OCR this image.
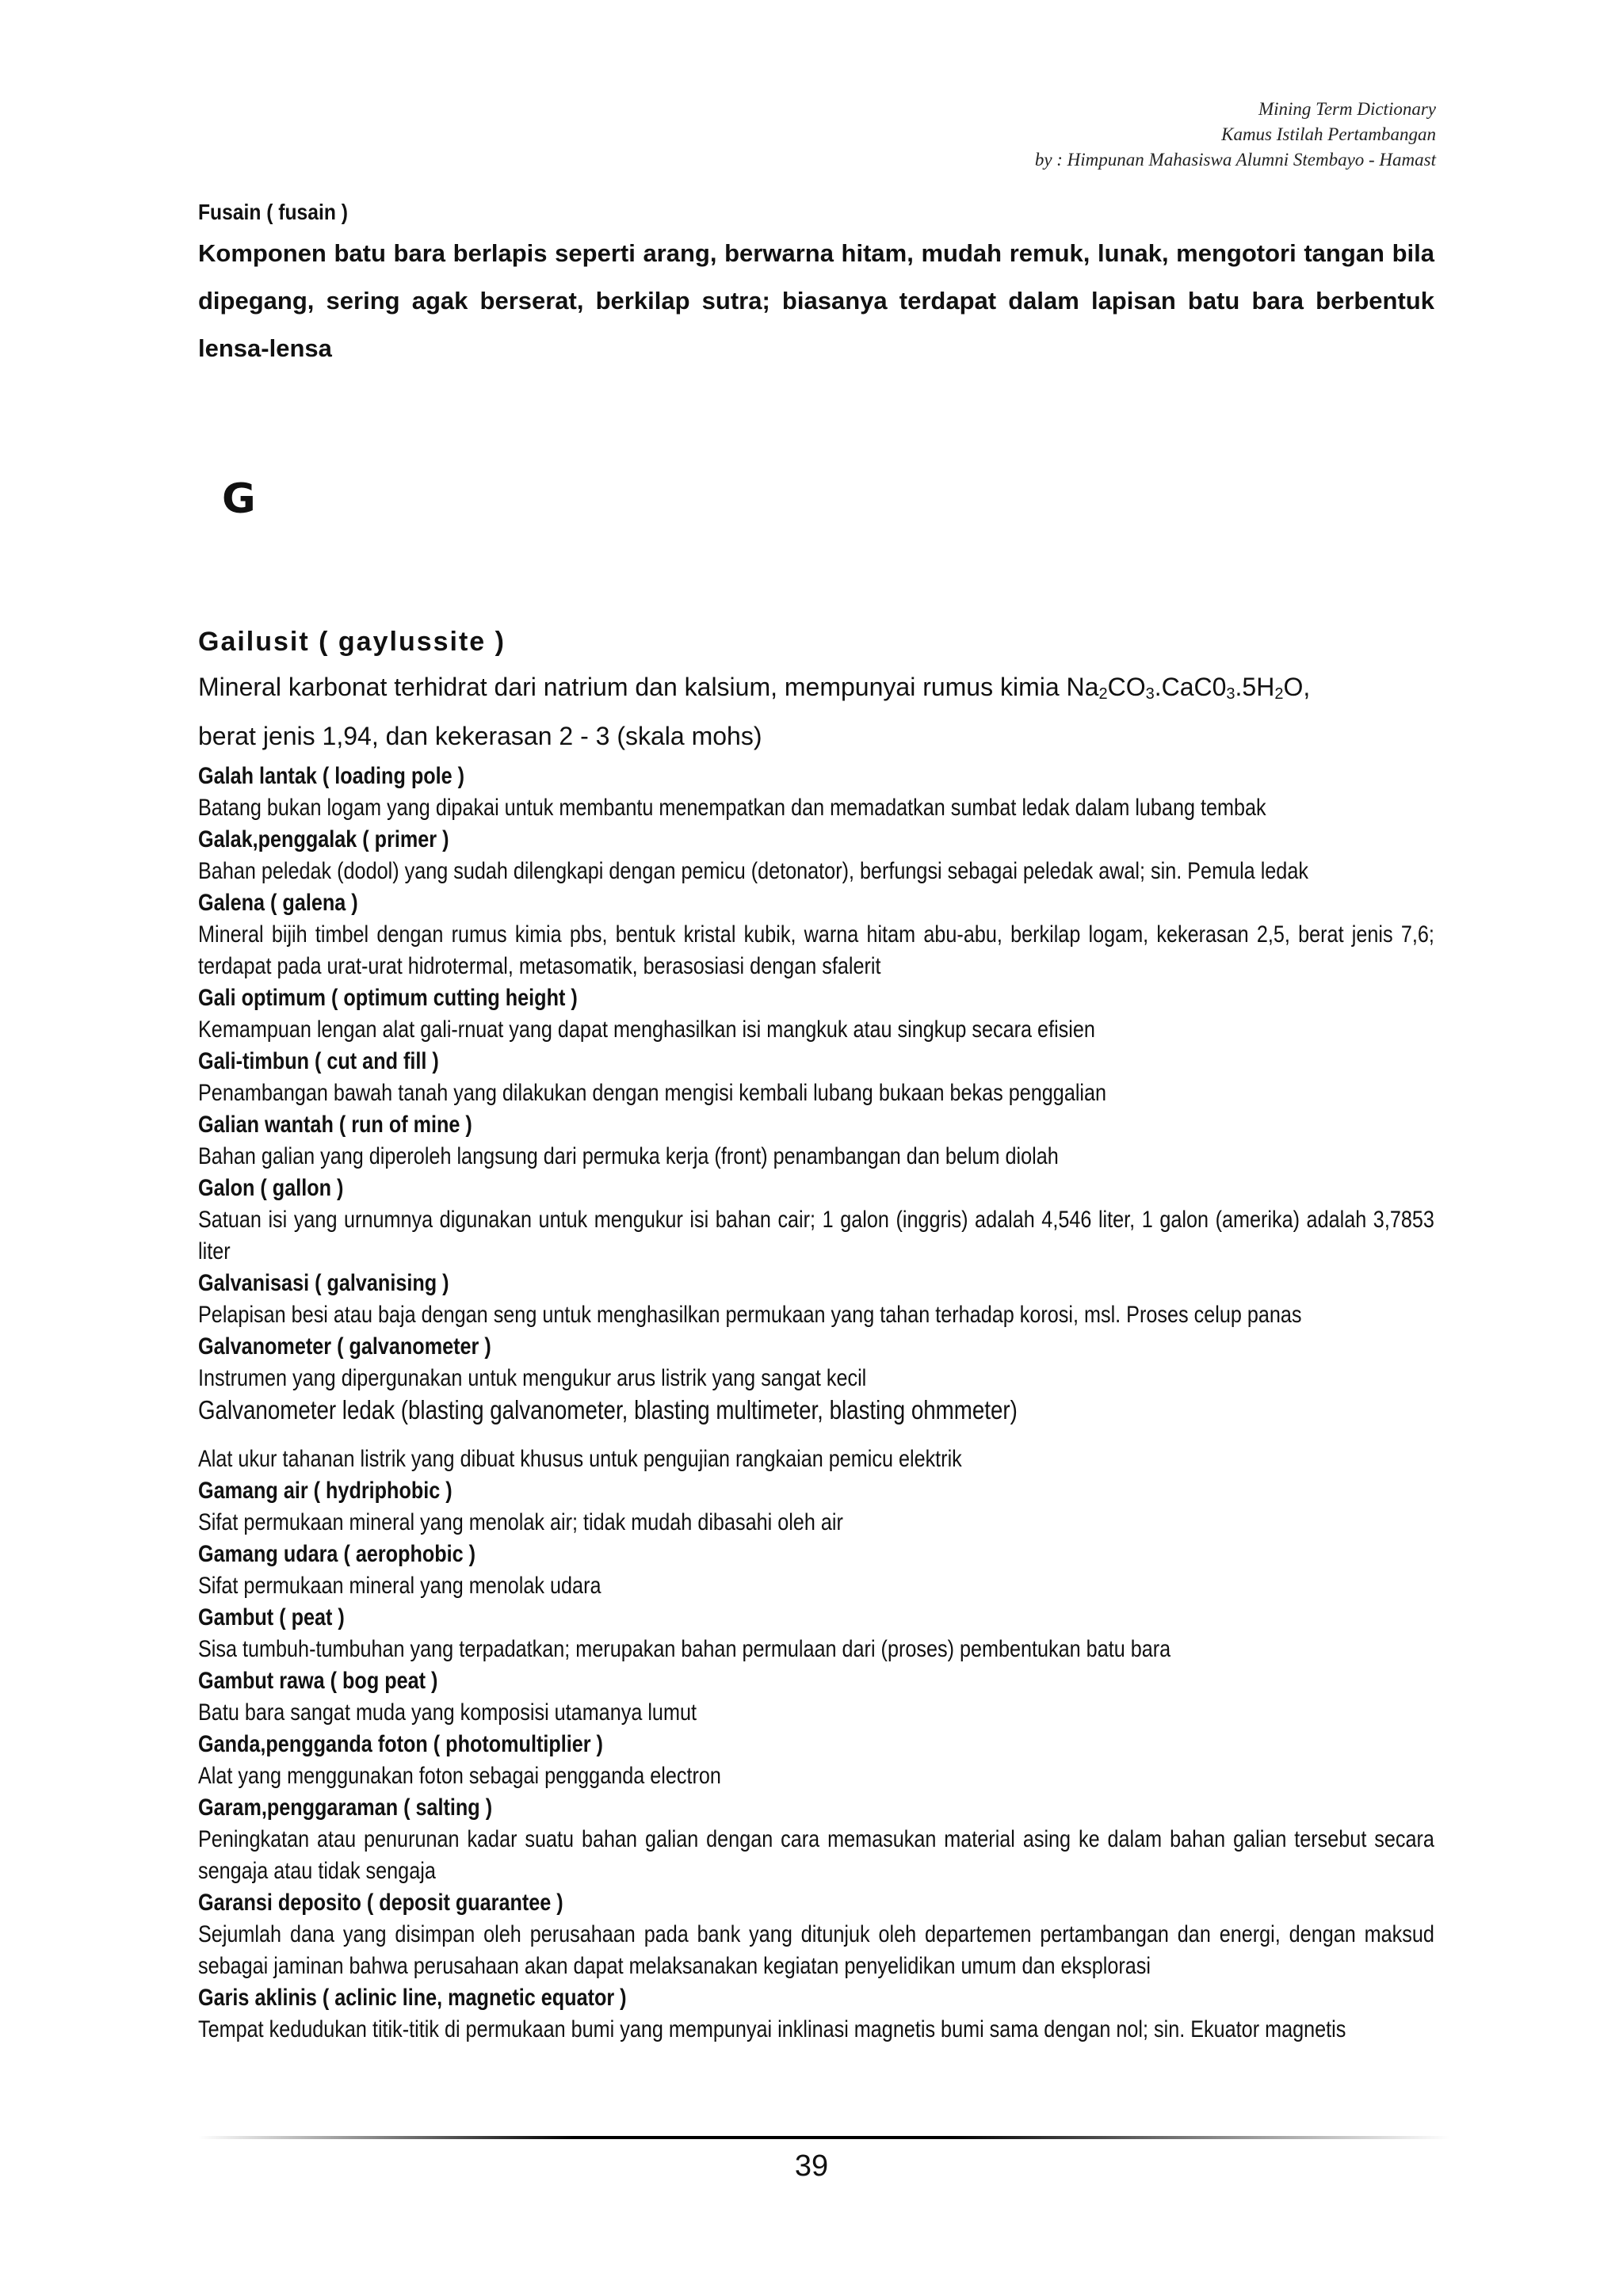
Mining Term Dictionary
Kamus Istilah Pertambangan
by : Himpunan Mahasiswa Alumni Stembayo - Hamast

Fusain ( fusain )

Komponen batu bara berlapis seperti arang, berwarna hitam, mudah remuk, lunak, mengotori tangan bila dipegang, sering agak berserat, berkilap sutra; biasanya terdapat dalam lapisan batu bara berbentuk lensa-lensa

G

Gailusit ( gaylussite )

Mineral karbonat terhidrat dari natrium dan kalsium, mempunyai rumus kimia $Na_2CO_3.CaC0_3.5H_2O$,
berat jenis 1,94, dan kekerasan 2 - 3 (skala mohs)

Galah lantak ( loading pole )

Batang bukan logam yang dipakai untuk membantu menempatkan dan memadatkan sumbat ledak dalam lubang tembak

Galak,penggalak ( primer )

Bahan peledak (dodol) yang sudah dilengkapi dengan pemicu (detonator), berfungsi sebagai peledak awal; sin. Pemula ledak

Galena ( galena )

Mineral bijih timbel dengan rumus kimia pbs, bentuk kristal kubik, warna hitam abu-abu, berkilap logam, kekerasan 2,5, berat jenis 7,6; terdapat pada urat-urat hidrotermal, metasomatik, berasosiasi dengan sfalerit

Gali optimum ( optimum cutting height )

Kemampuan lengan alat gali-rnuat yang dapat menghasilkan isi mangkuk atau singkup secara efisien

Gali-timbun ( cut and fill )

Penambangan bawah tanah yang dilakukan dengan mengisi kembali lubang bukaan bekas penggalian

Galian wantah ( run of mine )

Bahan galian yang diperoleh langsung dari permuka kerja (front) penambangan dan belum diolah

Galon ( gallon )

Satuan isi yang urnumnya digunakan untuk mengukur isi bahan cair; 1 galon (inggris) adalah 4,546 liter, 1 galon (amerika) adalah 3,7853 liter

Galvanisasi ( galvanising )

Pelapisan besi atau baja dengan seng untuk menghasilkan permukaan yang tahan terhadap korosi, msl. Proses celup panas

Galvanometer ( galvanometer )

Instrumen yang dipergunakan untuk mengukur arus listrik yang sangat kecil

Galvanometer ledak (blasting galvanometer, blasting multimeter, blasting ohmmeter)

Alat ukur tahanan listrik yang dibuat khusus untuk pengujian rangkaian pemicu elektrik

Gamang air ( hydriphobic )

Sifat permukaan mineral yang menolak air; tidak mudah dibasahi oleh air

Gamang udara ( aerophobic )

Sifat permukaan mineral yang menolak udara

Gambut ( peat )

Sisa tumbuh-tumbuhan yang terpadatkan; merupakan bahan permulaan dari (proses) pembentukan batu bara

Gambut rawa ( bog peat )

Batu bara sangat muda yang komposisi utamanya lumut

Ganda,pengganda foton ( photomultiplier )

Alat yang menggunakan foton sebagai pengganda electron

Garam,penggaraman ( salting )

Peningkatan atau penurunan kadar suatu bahan galian dengan cara memasukan material asing ke dalam bahan galian tersebut secara sengaja atau tidak sengaja

Garansi deposito ( deposit guarantee )

Sejumlah dana yang disimpan oleh perusahaan pada bank yang ditunjuk oleh departemen pertambangan dan energi, dengan maksud sebagai jaminan bahwa perusahaan akan dapat melaksanakan kegiatan penyelidikan umum dan eksplorasi

Garis aklinis ( aclinic line, magnetic equator )

Tempat kedudukan titik-titik di permukaan bumi yang mempunyai inklinasi magnetis bumi sama dengan nol; sin. Ekuator magnetis

39
